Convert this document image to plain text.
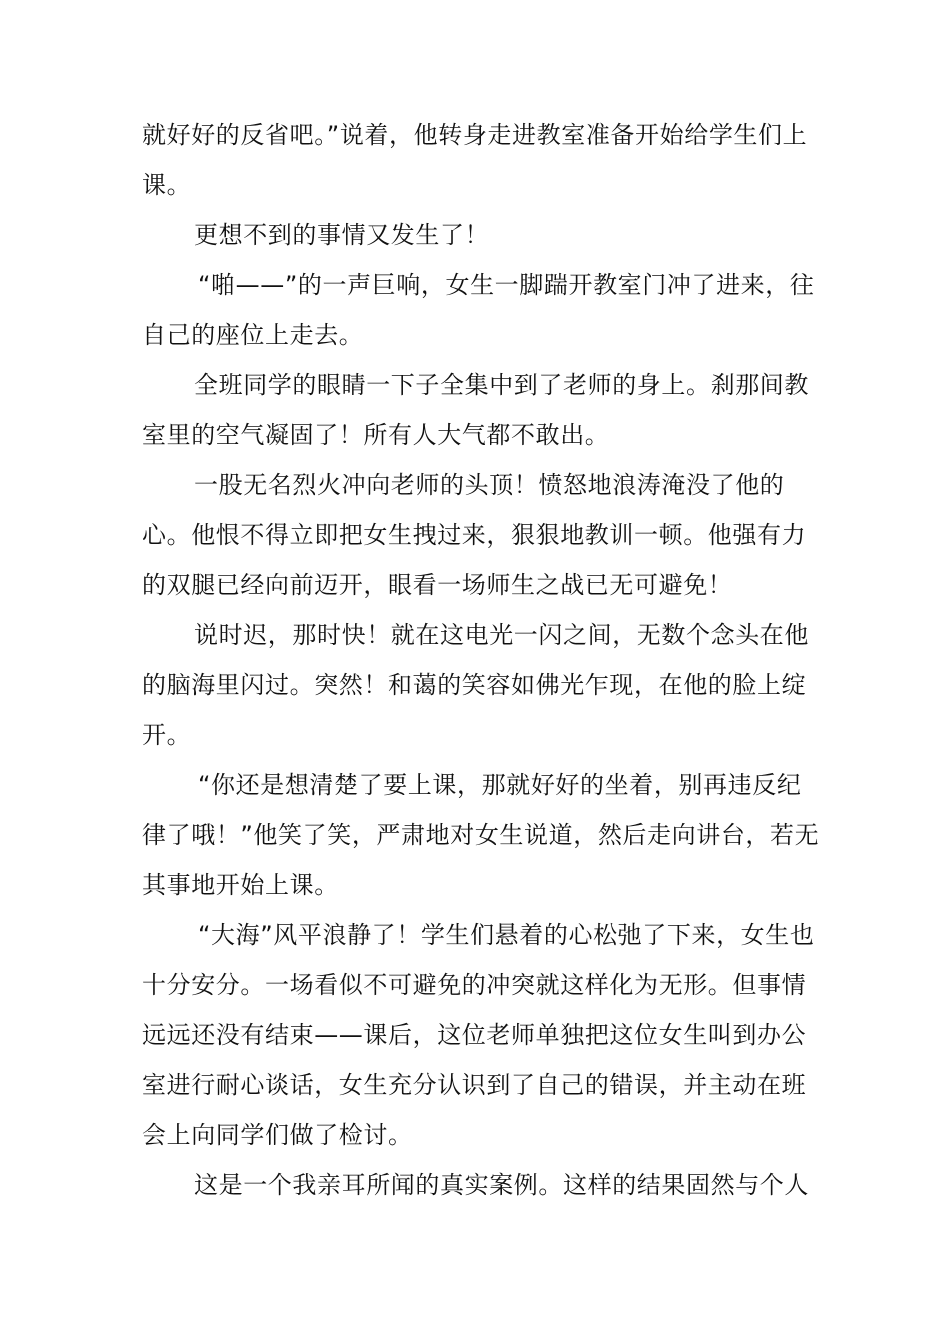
就好好的反省吧。”说着，他转身走进教室准备开始给学生们上课。

更想不到的事情又发生了！

“啪——”的一声巨响，女生一脚踹开教室门冲了进来，往自己的座位上走去。

全班同学的眼睛一下子全集中到了老师的身上。刹那间教室里的空气凝固了！所有人大气都不敢出。

一股无名烈火冲向老师的头顶！愤怒地浪涛淹没了他的心。他恨不得立即把女生拽过来，狠狠地教训一顿。他强有力的双腿已经向前迈开，眼看一场师生之战已无可避免！

说时迟，那时快！就在这电光一闪之间，无数个念头在他的脑海里闪过。突然！和蔼的笑容如佛光乍现，在他的脸上绽开。

“你还是想清楚了要上课，那就好好的坐着，别再违反纪律了哦！”他笑了笑，严肃地对女生说道，然后走向讲台，若无其事地开始上课。

“大海”风平浪静了！学生们悬着的心松弛了下来，女生也十分安分。一场看似不可避免的冲突就这样化为无形。但事情远远还没有结束——课后，这位老师单独把这位女生叫到办公室进行耐心谈话，女生充分认识到了自己的错误，并主动在班会上向同学们做了检讨。

这是一个我亲耳所闻的真实案例。这样的结果固然与个人
